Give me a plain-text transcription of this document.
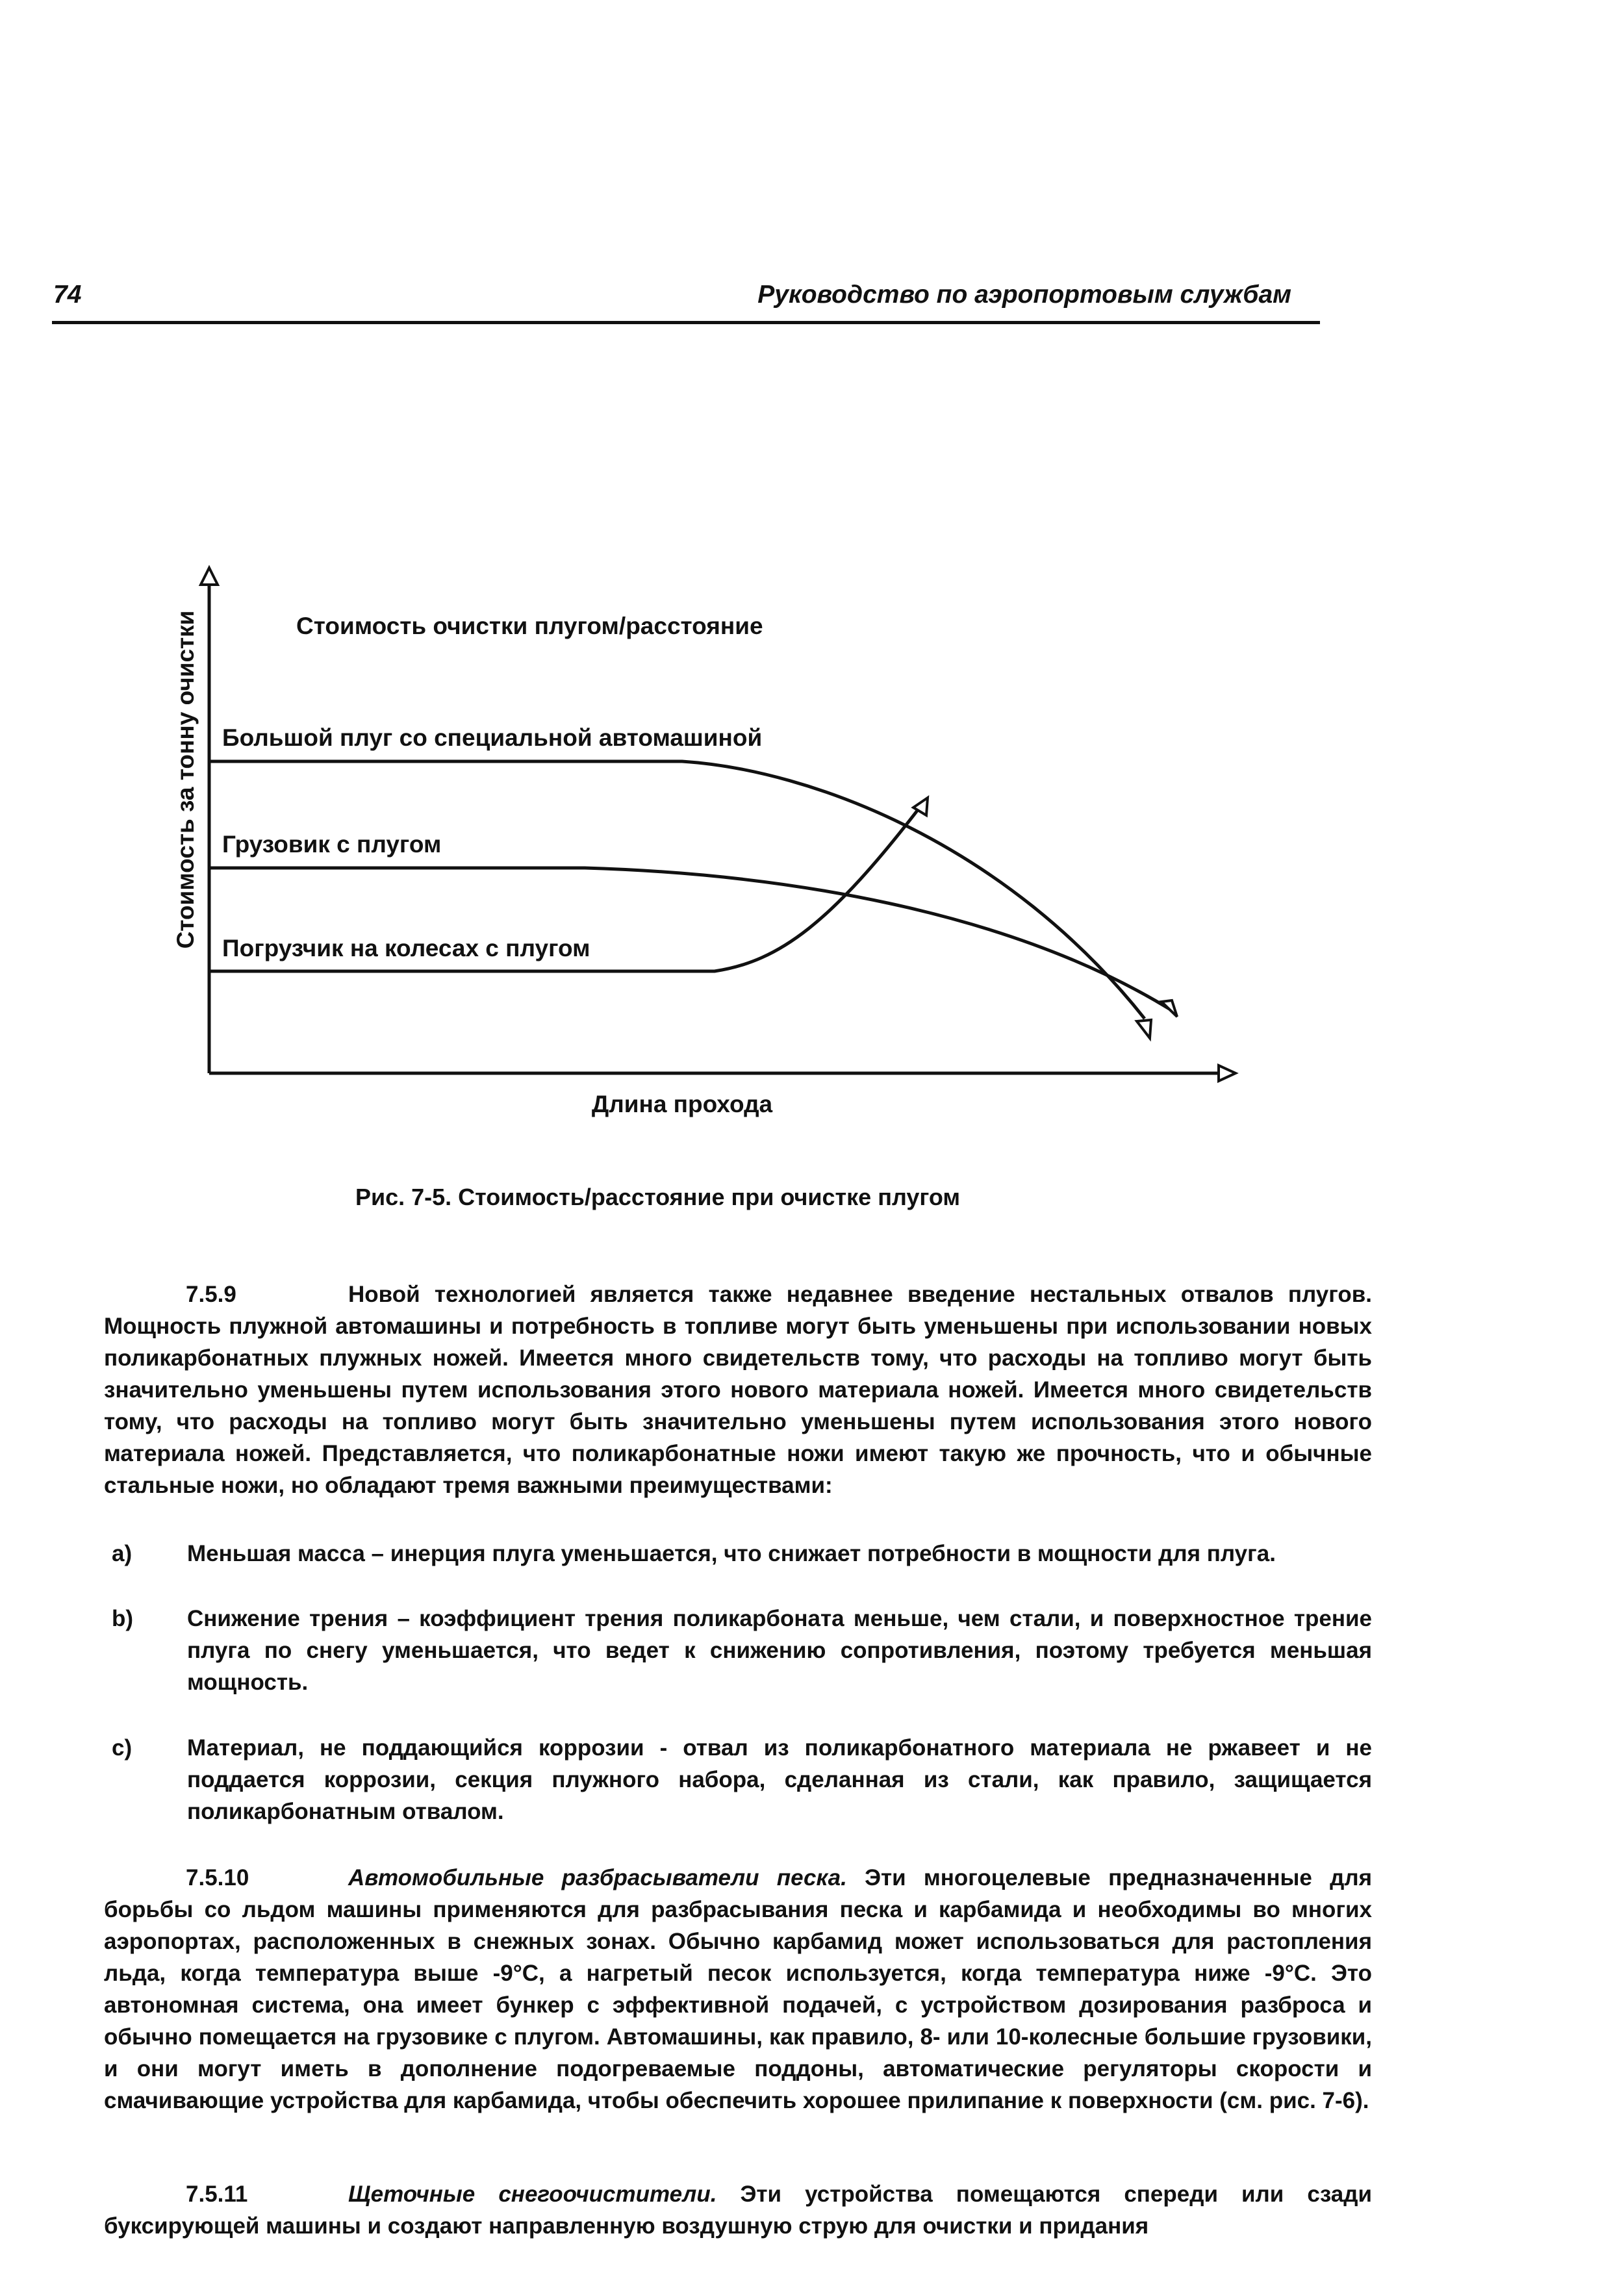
74	Руководство по аэропортовым службам
Стоимость очистки плугом/расстояние
Большой плуг со специальной автомашиной
Грузовик с плугом
Погрузчик на колесах с плугом
Стоимость за тонну очистки
Длина прохода
Рис. 7-5. Стоимость/расстояние при очистке плугом
7.5.9	Новой технологией является также недавнее введение нестальных отвалов плугов. Мощность плужной автомашины и потребность в топливе могут быть уменьшены при использовании новых поликарбонатных плужных ножей. Имеется много свидетельств тому, что расходы на топливо могут быть значительно уменьшены путем использования этого нового материала ножей. Имеется много свидетельств тому, что расходы на топливо могут быть значительно уменьшены путем использования этого нового материала ножей. Представляется, что поликарбонатные ножи имеют такую же прочность, что и обычные стальные ножи, но обладают тремя важными преимуществами:
a) Меньшая масса – инерция плуга уменьшается, что снижает потребности в мощности для плуга.
b) Снижение трения – коэффициент трения поликарбоната меньше, чем стали, и поверхностное трение плуга по снегу уменьшается, что ведет к снижению сопротивления, поэтому требуется меньшая мощность.
c) Материал, не поддающийся коррозии - отвал из поликарбонатного материала не ржавеет и не поддается коррозии, секция плужного набора, сделанная из стали, как правило, защищается поликарбонатным отвалом.
7.5.10	Автомобильные разбрасыватели песка. Эти многоцелевые предназначенные для борьбы со льдом машины применяются для разбрасывания песка и карбамида и необходимы во многих аэропортах, расположенных в снежных зонах. Обычно карбамид может использоваться для растопления льда, когда температура выше -9°C, а нагретый песок используется, когда температура ниже -9°C. Это автономная система, она имеет бункер с эффективной подачей, с устройством дозирования разброса и обычно помещается на грузовике с плугом. Автомашины, как правило, 8- или 10-колесные большие грузовики, и они могут иметь в дополнение подогреваемые поддоны, автоматические регуляторы скорости и смачивающие устройства для карбамида, чтобы обеспечить хорошее прилипание к поверхности (см. рис. 7-6).
7.5.11	Щеточные снегоочистители. Эти устройства помещаются спереди или сзади буксирующей машины и создают направленную воздушную струю для очистки и придания
